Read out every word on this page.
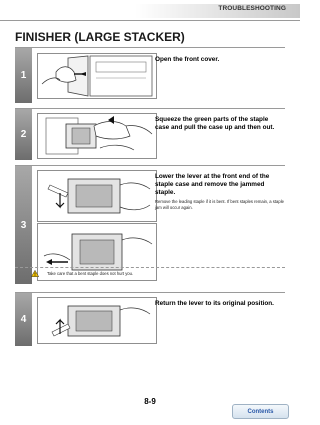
TROUBLESHOOTING
FINISHER (LARGE STACKER)
1
Open the front cover.
2
Squeeze the green parts of the staple case and pull the case up and then out.
3
Lower the lever at the front end of the staple case and remove the jammed staple.
Remove the leading staple if it is bent. If bent staples remain, a staple jam will occur again.
Take care that a bent staple does not hurt you.
4
Return the lever to its original position.
8-9
Contents
